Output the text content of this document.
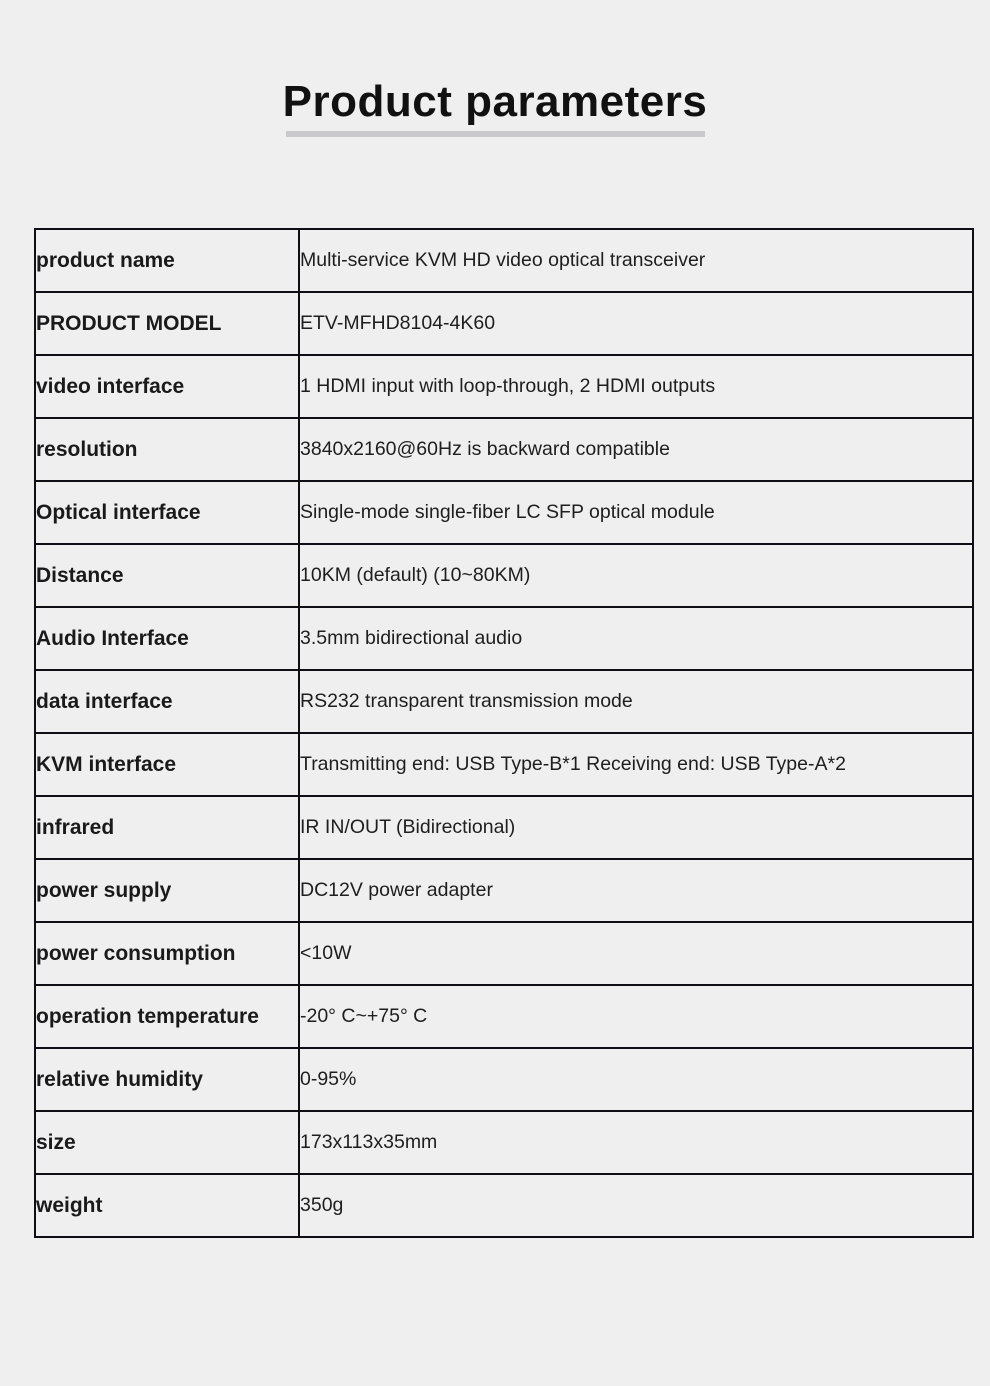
Product parameters
product name	Multi-service KVM HD video optical transceiver
PRODUCT MODEL	ETV-MFHD8104-4K60
video interface	1 HDMI input with loop-through, 2 HDMI outputs
resolution	3840x2160@60Hz is backward compatible
Optical interface	Single-mode single-fiber LC SFP optical module
Distance	10KM (default) (10~80KM)
Audio Interface	3.5mm bidirectional audio
data interface	RS232 transparent transmission mode
KVM interface	Transmitting end: USB Type-B*1 Receiving end: USB Type-A*2
infrared	IR IN/OUT (Bidirectional)
power supply	DC12V power adapter
power consumption	<10W
operation temperature	-20° C~+75° C
relative humidity	0-95%
size	173x113x35mm
weight	350g
